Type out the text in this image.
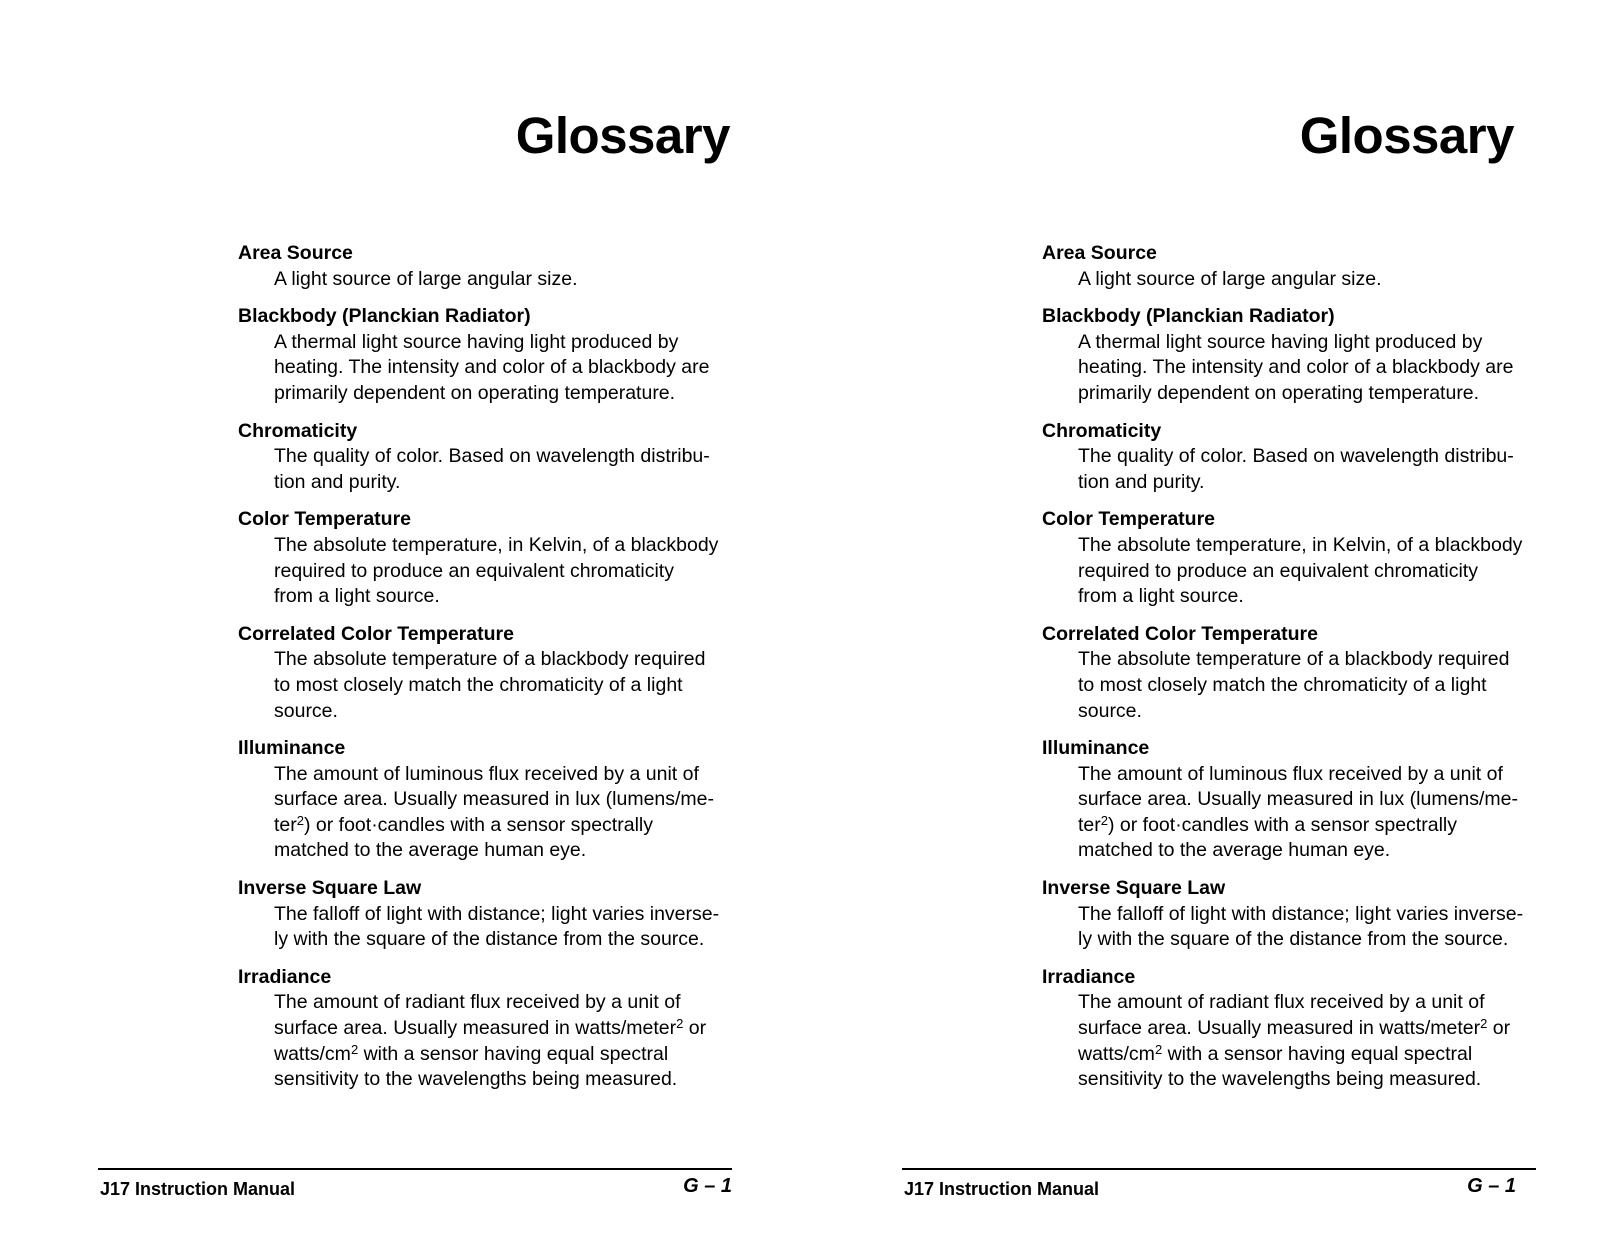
Glossary

Area Source

A light source of large angular size.

Blackbody (Planckian Radiator)

A thermal light source having light produced by
heating. The intensity and color of a blackbody are
primarily dependent on operating temperature.

Chromaticity

The quality of color. Based on wavelength distribu-
tion and purity.

Color Temperature

The absolute temperature, in Kelvin, of a blackbody
required to produce an equivalent chromaticity
from a light source.

Correlated Color Temperature

The absolute temperature of a blackbody required
to most closely match the chromaticity of a light
source.

Illuminance

The amount of luminous flux received by a unit of
surface area. Usually measured in lux (lumens/me-
ter$^2$) or foot·candles with a sensor spectrally
matched to the average human eye.

Inverse Square Law

The falloff of light with distance; light varies inverse-
ly with the square of the distance from the source.

Irradiance

The amount of radiant flux received by a unit of
surface area. Usually measured in watts/meter$^2$ or
watts/$cm^2$ with a sensor having equal spectral
sensitivity to the wavelengths being measured.

J17 Instruction Manual	G – 1

Glossary

Area Source

A light source of large angular size.

Blackbody (Planckian Radiator)

A thermal light source having light produced by
heating. The intensity and color of a blackbody are
primarily dependent on operating temperature.

Chromaticity

The quality of color. Based on wavelength distribu-
tion and purity.

Color Temperature

The absolute temperature, in Kelvin, of a blackbody
required to produce an equivalent chromaticity
from a light source.

Correlated Color Temperature

The absolute temperature of a blackbody required
to most closely match the chromaticity of a light
source.

Illuminance

The amount of luminous flux received by a unit of
surface area. Usually measured in lux (lumens/me-
ter$^2$) or foot·candles with a sensor spectrally
matched to the average human eye.

Inverse Square Law

The falloff of light with distance; light varies inverse-
ly with the square of the distance from the source.

Irradiance

The amount of radiant flux received by a unit of
surface area. Usually measured in watts/meter$^2$ or
watts/$cm^2$ with a sensor having equal spectral
sensitivity to the wavelengths being measured.

J17 Instruction Manual	G – 1
